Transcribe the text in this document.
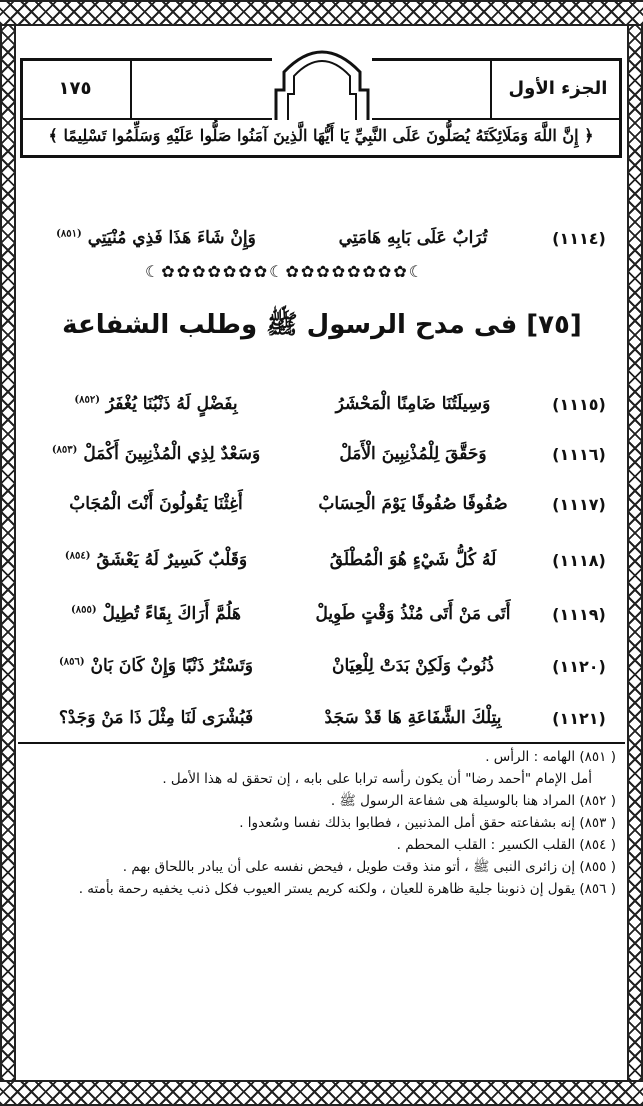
١٧٥	الجزء الأول
﴿ إِنَّ اللَّهَ وَمَلَائِكَتَهُ يُصَلُّونَ عَلَى النَّبِيِّ يَا أَيُّهَا الَّذِينَ آمَنُوا صَلُّوا عَلَيْهِ وَسَلِّمُوا تَسْلِيمًا ﴾
(١١١٤)
تُرَابٌ عَلَى بَابِهِ هَامَتِي
وَإِنْ شَاءَ هَذَا فَذِي مُنْيَتِي $^{(٨٥١)}$
☾✿✿✿✿✿✿✿☾✿✿✿✿✿✿✿✿☾
[٧٥] فى مدح الرسول ﷺ وطلب الشفاعة
(١١١٥)
وَسِيلَتُنَا ضَامِنًا الْمَحْشَرُ
بِفَضْلٍ لَهُ ذَنْبُنَا يُغْفَرُ $^{(٨٥٢)}$
(١١١٦)
وَحَقَّقَ لِلْمُذْنِبِينَ الْأَمَلْ
وَسَعْدٌ لِذِي الْمُذْنِبِينَ أَكْمَلْ $^{(٨٥٣)}$
(١١١٧)
صُفُوفًا صُفُوفًا يَوْمَ الْحِسَابْ
أَغِثْنَا يَقُولُونَ أَنْتَ الْمُجَابْ
(١١١٨)
لَهُ كُلُّ شَيْءٍ هُوَ الْمُطْلَقُ
وَقَلْبٌ كَسِيرٌ لَهُ يَعْشَقُ $^{(٨٥٤)}$
(١١١٩)
أَتَى مَنْ أَتَى مُنْذُ وَقْتٍ طَوِيلْ
هَلُمَّ أَرَاكَ بِقَاءً تُطِيلْ $^{(٨٥٥)}$
(١١٢٠)
ذُنُوبٌ وَلَكِنْ بَدَتْ لِلْعِيَانْ
وَتَسْتُرُ ذَنْبًا وَإِنْ كَانَ بَانْ $^{(٨٥٦)}$
(١١٢١)
بِتِلْكَ الشَّفَاعَةِ هَا قَدْ سَجَدْ
فَبُشْرَى لَنَا مِثْلَ ذَا مَنْ وَجَدْ؟

( ٨٥١) الهامه : الرأس .

أمل الإمام "أحمد رضا" أن يكون رأسه ترابا على بابه ، إن تحقق له هذا الأمل .

( ٨٥٢) المراد هنا بالوسيلة هى شفاعة الرسول ﷺ .

( ٨٥٣) إنه بشفاعته حقق أمل المذنبين ، فطابوا بذلك نفسا وسُعدوا .

( ٨٥٤) القلب الكسير : القلب المحطم .

( ٨٥٥) إن زائرى النبى ﷺ ، أتو منذ وقت طويل ، فيحض نفسه على أن يبادر باللحاق بهم .

( ٨٥٦) يقول إن ذنوبنا جلية ظاهرة للعيان ، ولكنه كريم يستر العيوب فكل ذنب يخفيه رحمة بأمته .
